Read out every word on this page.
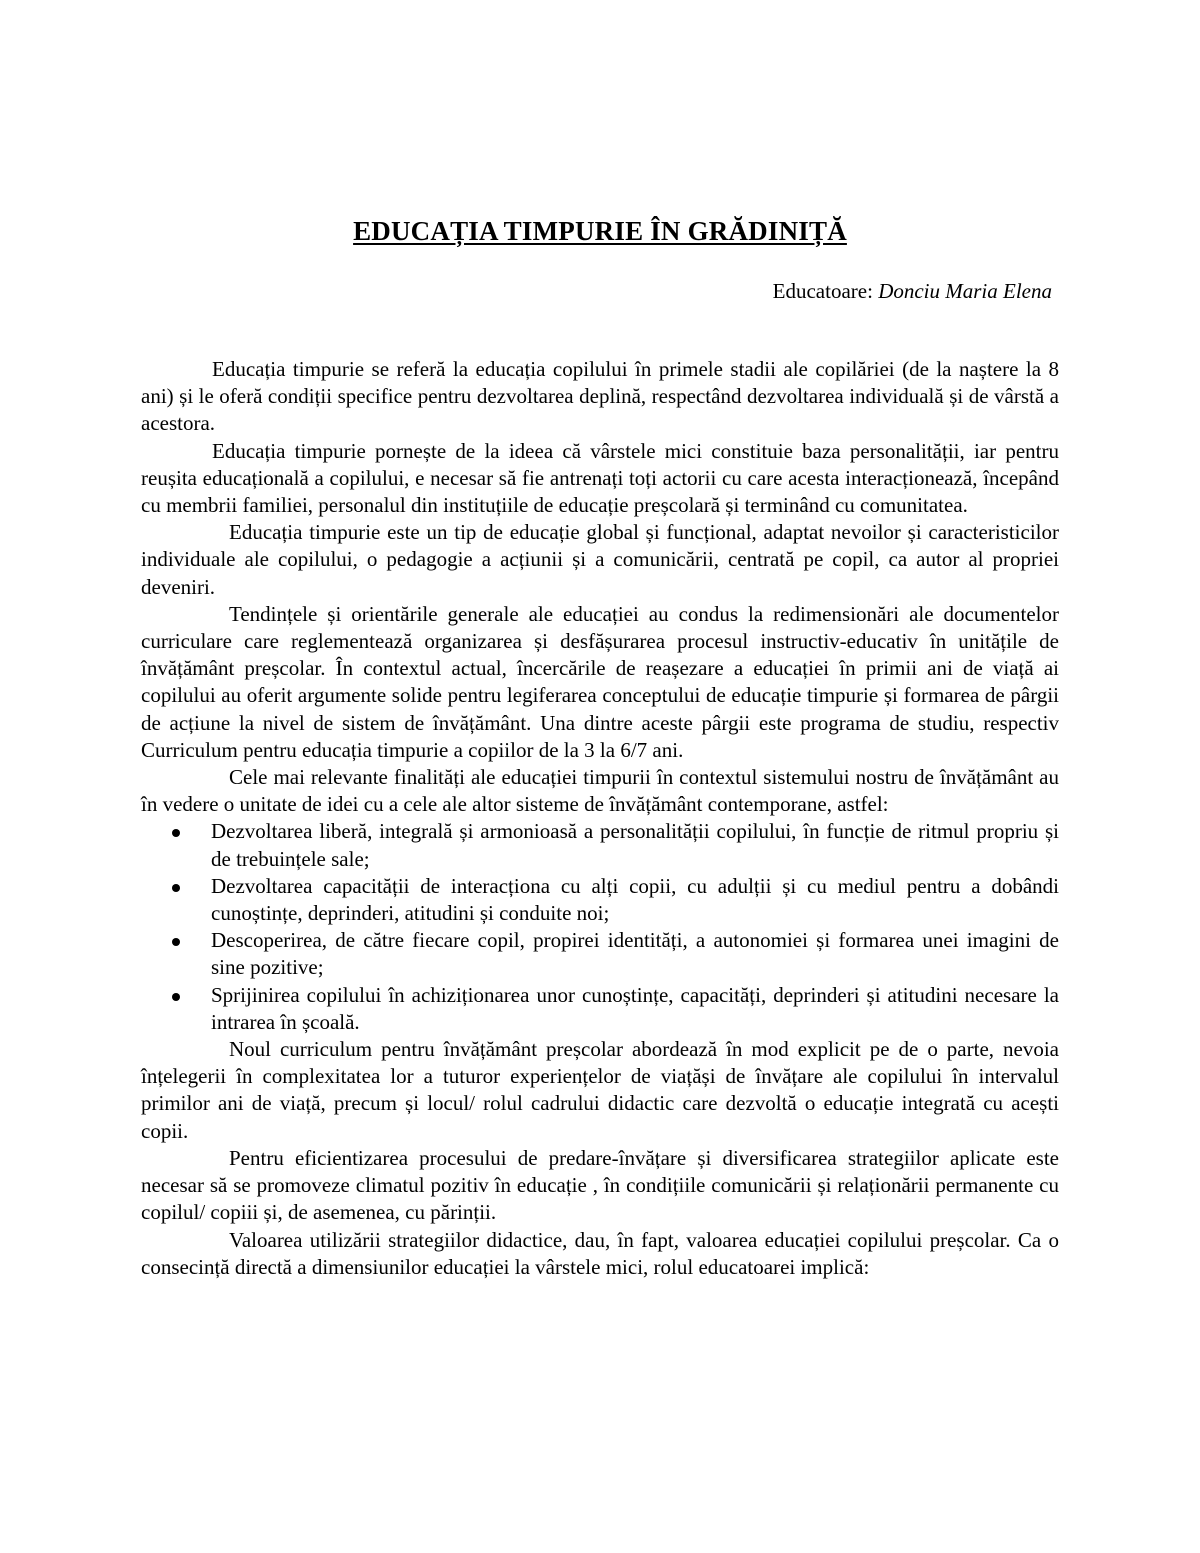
EDUCAȚIA TIMPURIE ÎN GRĂDINIȚĂ
Educatoare: Donciu Maria Elena

Educația timpurie se referă la educația copilului în primele stadii ale copilăriei (de la naștere la 8 ani) și le oferă condiții specifice pentru dezvoltarea deplină, respectând dezvoltarea individuală și de vârstă a acestora.

Educația timpurie pornește de la ideea că vârstele mici constituie baza personalității, iar pentru reușita educațională a copilului, e necesar să fie antrenați toți actorii cu care acesta interacționează, începând cu membrii familiei, personalul din instituțiile de educație preșcolară și terminând cu comunitatea.

Educația timpurie este un tip de educație global și funcțional, adaptat nevoilor și caracteristicilor individuale ale copilului, o pedagogie a acțiunii și a comunicării, centrată pe copil, ca autor al propriei deveniri.

Tendințele și orientările generale ale educației au condus la redimensionări ale documentelor curriculare care reglementează organizarea și desfășurarea procesul instructiv-educativ în unitățile de învățământ preșcolar. În contextul actual, încercările de reașezare a educației în primii ani de viață ai copilului au oferit argumente solide pentru legiferarea conceptului de educație timpurie și formarea de pârgii de acțiune la nivel de sistem de învățământ. Una dintre aceste pârgii este programa de studiu, respectiv Curriculum pentru educația timpurie a copiilor de la 3 la 6/7 ani.

Cele mai relevante finalități ale educației timpurii în contextul sistemului nostru de învățământ au în vedere o unitate de idei cu a cele ale altor sisteme de învățământ contemporane, astfel:

Dezvoltarea liberă, integrală și armonioasă a personalității copilului, în funcție de ritmul propriu și de trebuințele sale;
Dezvoltarea capacității de interacționa cu alți copii, cu adulții și cu mediul pentru a dobândi cunoștințe, deprinderi, atitudini și conduite noi;
Descoperirea, de către fiecare copil, propirei identități, a autonomiei și formarea unei imagini de sine pozitive;
Sprijinirea copilului în achiziționarea unor cunoștințe, capacități, deprinderi și atitudini necesare la intrarea în școală.

Noul curriculum pentru învățământ preșcolar abordează în mod explicit pe de o parte, nevoia înțelegerii în complexitatea lor a tuturor experiențelor de viațăși de învățare ale copilului în intervalul primilor ani de viață, precum și locul/ rolul cadrului didactic care dezvoltă o educație integrată cu acești copii.

Pentru eficientizarea procesului de predare-învățare și diversificarea strategiilor aplicate este necesar să se promoveze climatul pozitiv în educație , în condițiile comunicării și relaționării permanente cu copilul/ copiii și, de asemenea, cu părinții.

Valoarea utilizării strategiilor didactice, dau, în fapt, valoarea educației copilului preșcolar. Ca o consecință directă a dimensiunilor educației la vârstele mici, rolul educatoarei implică:
